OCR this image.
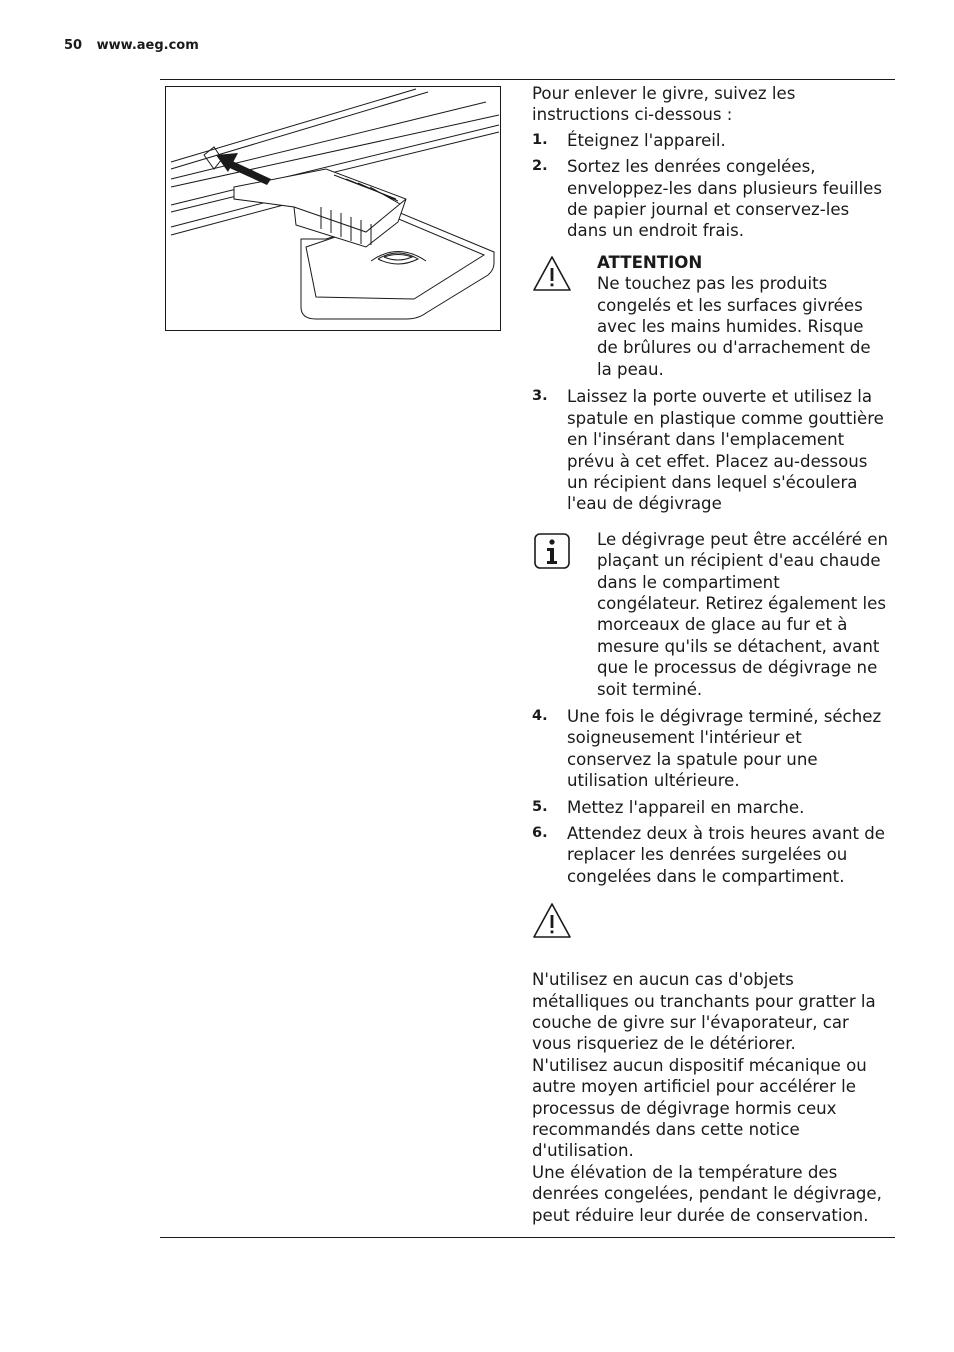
50 www.aeg.com

Pour enlever le givre, suivez les instructions ci-dessous :

1. Éteignez l'appareil.

2. Sortez les denrées congelées, enveloppez-les dans plusieurs feuilles de papier journal et conservez-les dans un endroit frais.

ATTENTION

Ne touchez pas les produits congelés et les surfaces givrées avec les mains humides. Risque de brûlures ou d'arrachement de la peau.

3. Laissez la porte ouverte et utilisez la spatule en plastique comme gouttière en l'insérant dans l'emplacement prévu à cet effet. Placez au-dessous un récipient dans lequel s'écoulera l'eau de dégivrage

Le dégivrage peut être accéléré en plaçant un récipient d'eau chaude dans le compartiment congélateur. Retirez également les morceaux de glace au fur et à mesure qu'ils se détachent, avant que le processus de dégivrage ne soit terminé.

4. Une fois le dégivrage terminé, séchez soigneusement l'intérieur et conservez la spatule pour une utilisation ultérieure.

5. Mettez l'appareil en marche.

6. Attendez deux à trois heures avant de replacer les denrées surgelées ou congelées dans le compartiment.

N'utilisez en aucun cas d'objets métalliques ou tranchants pour gratter la couche de givre sur l'évaporateur, car vous risqueriez de le détériorer.

N'utilisez aucun dispositif mécanique ou autre moyen artificiel pour accélérer le processus de dégivrage hormis ceux recommandés dans cette notice d'utilisation.

Une élévation de la température des denrées congelées, pendant le dégivrage, peut réduire leur durée de conservation.
